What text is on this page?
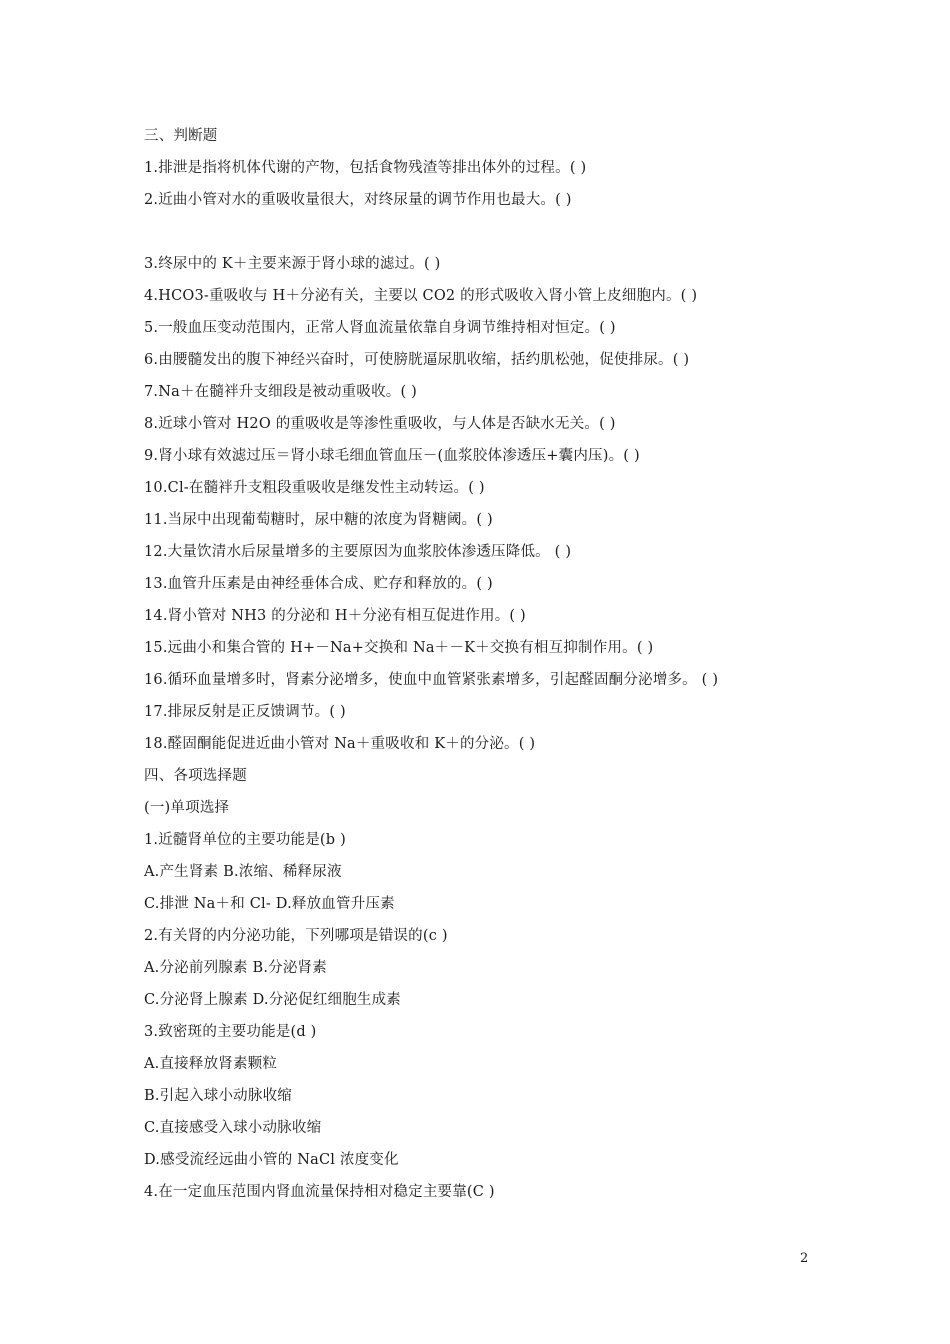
三、判断题
1.排泄是指将机体代谢的产物，包括食物残渣等排出体外的过程。( )
2.近曲小管对水的重吸收量很大，对终尿量的调节作用也最大。( )
3.终尿中的 K＋主要来源于肾小球的滤过。( )
4.HCO3-重吸收与 H＋分泌有关，主要以 CO2 的形式吸收入肾小管上皮细胞内。( )
5.一般血压变动范围内，正常人肾血流量依靠自身调节维持相对恒定。( )
6.由腰髓发出的腹下神经兴奋时，可使膀胱逼尿肌收缩，括约肌松弛，促使排尿。( )
7.Na＋在髓袢升支细段是被动重吸收。( )
8.近球小管对 H2O 的重吸收是等渗性重吸收，与人体是否缺水无关。( )
9.肾小球有效滤过压＝肾小球毛细血管血压－(血浆胶体渗透压+囊内压)。( )
10.Cl-在髓袢升支粗段重吸收是继发性主动转运。( )
11.当尿中出现葡萄糖时，尿中糖的浓度为肾糖阈。( )
12.大量饮清水后尿量增多的主要原因为血浆胶体渗透压降低。 ( )
13.血管升压素是由神经垂体合成、贮存和释放的。( )
14.肾小管对 NH3 的分泌和 H＋分泌有相互促进作用。( )
15.远曲小和集合管的 H+－Na+交换和 Na＋－K＋交换有相互抑制作用。( )
16.循环血量增多时，肾素分泌增多，使血中血管紧张素增多，引起醛固酮分泌增多。 ( )
17.排尿反射是正反馈调节。( )
18.醛固酮能促进近曲小管对 Na＋重吸收和 K＋的分泌。( )
四、各项选择题
(一)单项选择
1.近髓肾单位的主要功能是(b )
A.产生肾素 B.浓缩、稀释尿液
C.排泄 Na＋和 Cl- D.释放血管升压素
2.有关肾的内分泌功能，下列哪项是错误的(c )
A.分泌前列腺素 B.分泌肾素
C.分泌肾上腺素 D.分泌促红细胞生成素
3.致密斑的主要功能是(d )
A.直接释放肾素颗粒
B.引起入球小动脉收缩
C.直接感受入球小动脉收缩
D.感受流经远曲小管的 NaCl 浓度变化
4.在一定血压范围内肾血流量保持相对稳定主要靠(C )
2
